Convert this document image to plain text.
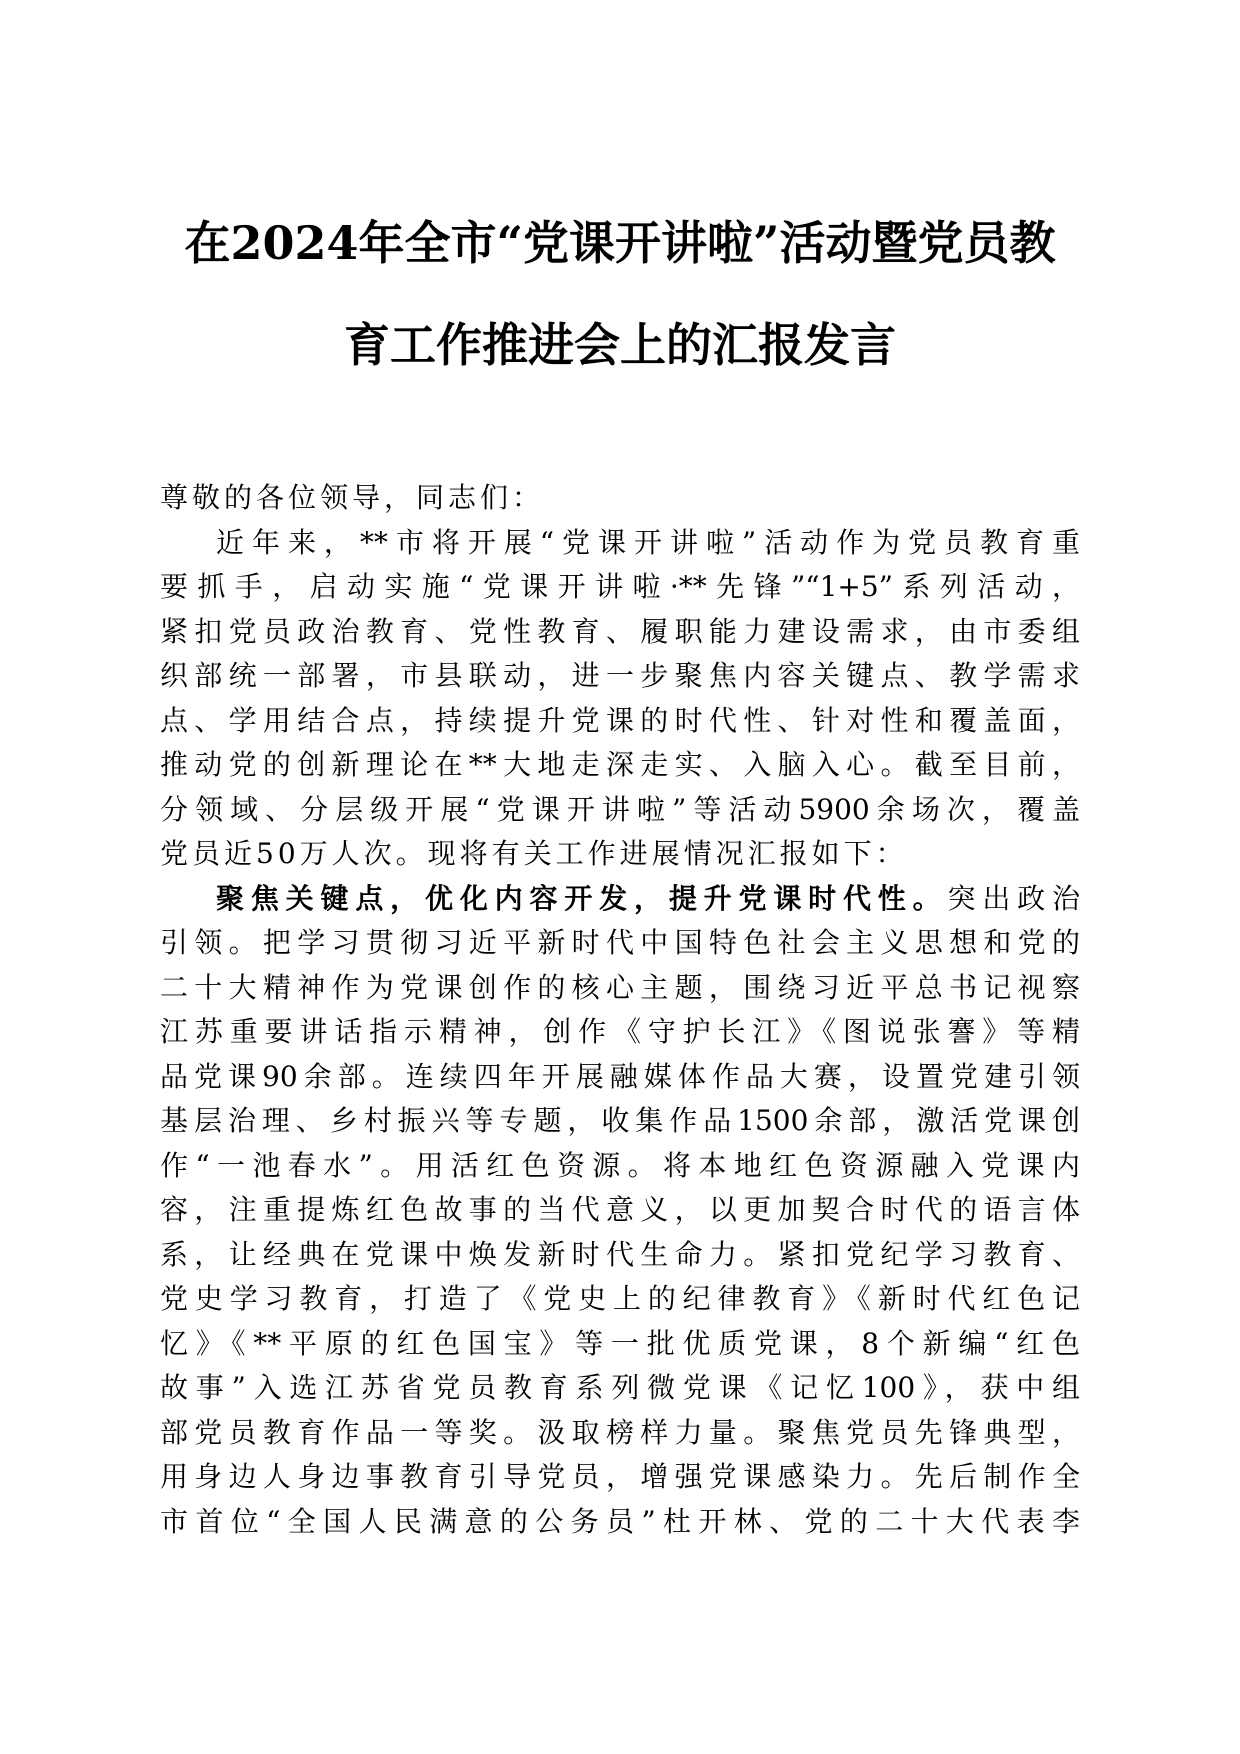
在2024年全市“党课开讲啦”活动暨党员教
育工作推进会上的汇报发言
尊敬的各位领导，同志们：
近年来，**市将开展“党课开讲啦”活动作为党员教育重
要抓手，启动实施“党课开讲啦·**先锋”“1+5”系列活动，
紧扣党员政治教育、党性教育、履职能力建设需求，由市委组
织部统一部署，市县联动，进一步聚焦内容关键点、教学需求
点、学用结合点，持续提升党课的时代性、针对性和覆盖面，
推动党的创新理论在**大地走深走实、入脑入心。截至目前，
分领域、分层级开展“党课开讲啦”等活动5900余场次，覆盖
党员近50万人次。现将有关工作进展情况汇报如下：
聚焦关键点，优化内容开发，提升党课时代性。突出政治
引领。把学习贯彻习近平新时代中国特色社会主义思想和党的
二十大精神作为党课创作的核心主题，围绕习近平总书记视察
江苏重要讲话指示精神，创作《守护长江》《图说张謇》等精
品党课90余部。连续四年开展融媒体作品大赛，设置党建引领
基层治理、乡村振兴等专题，收集作品1500余部，激活党课创
作“一池春水”。用活红色资源。将本地红色资源融入党课内
容，注重提炼红色故事的当代意义，以更加契合时代的语言体
系，让经典在党课中焕发新时代生命力。紧扣党纪学习教育、
党史学习教育，打造了《党史上的纪律教育》《新时代红色记
忆》《**平原的红色国宝》等一批优质党课，8个新编“红色
故事”入选江苏省党员教育系列微党课《记忆100》，获中组
部党员教育作品一等奖。汲取榜样力量。聚焦党员先锋典型，
用身边人身边事教育引导党员，增强党课感染力。先后制作全
市首位“全国人民满意的公务员”杜开林、党的二十大代表李
